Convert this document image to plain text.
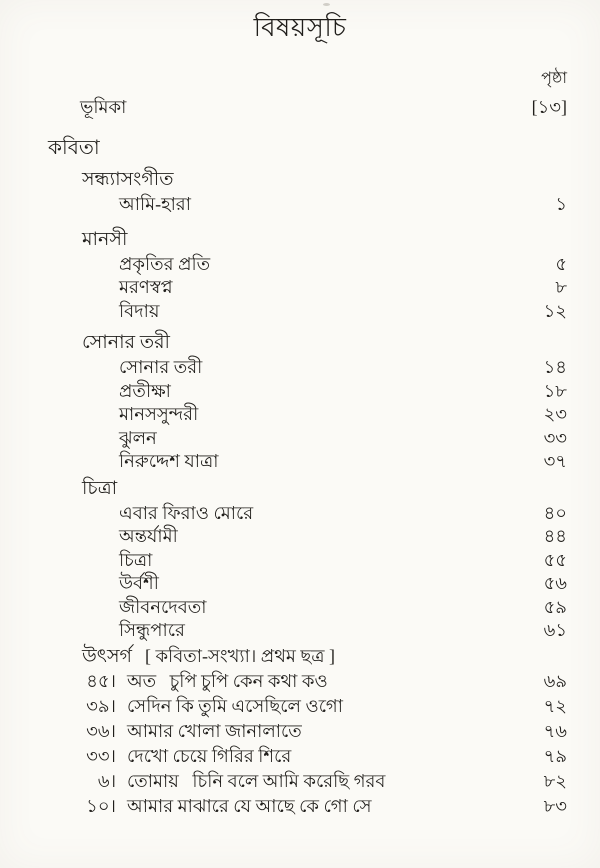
বিষয়সূচি
পৃষ্ঠা
ভূমিকা	[১৩]
কবিতা
সন্ধ্যাসংগীত
আমি-হারা	১
মানসী
প্রকৃতির প্রতি	৫
মরণস্বপ্ন	৮
বিদায়	১২
সোনার তরী
সোনার তরী	১৪
প্রতীক্ষা	১৮
মানসসুন্দরী	২৩
ঝুলন	৩৩
নিরুদ্দেশ যাত্রা	৩৭
চিত্রা
এবার ফিরাও মোরে	৪০
অন্তর্যামী	৪৪
চিত্রা	৫৫
উর্বশী	৫৬
জীবনদেবতা	৫৯
সিন্ধুপারে	৬১
উৎসর্গ [ কবিতা-সংখ্যা। প্রথম ছত্র ]
৪৫। অত   চুপি চুপি কেন কথা কও	৬৯
৩৯। সেদিন কি তুমি এসেছিলে ওগো	৭২
৩৬। আমার খোলা জানালাতে	৭৬
৩৩। দেখো চেয়ে গিরির শিরে	৭৯
৬। তোমায়   চিনি বলে আমি করেছি গরব	৮২
১০। আমার মাঝারে যে আছে কে গো সে	৮৩
